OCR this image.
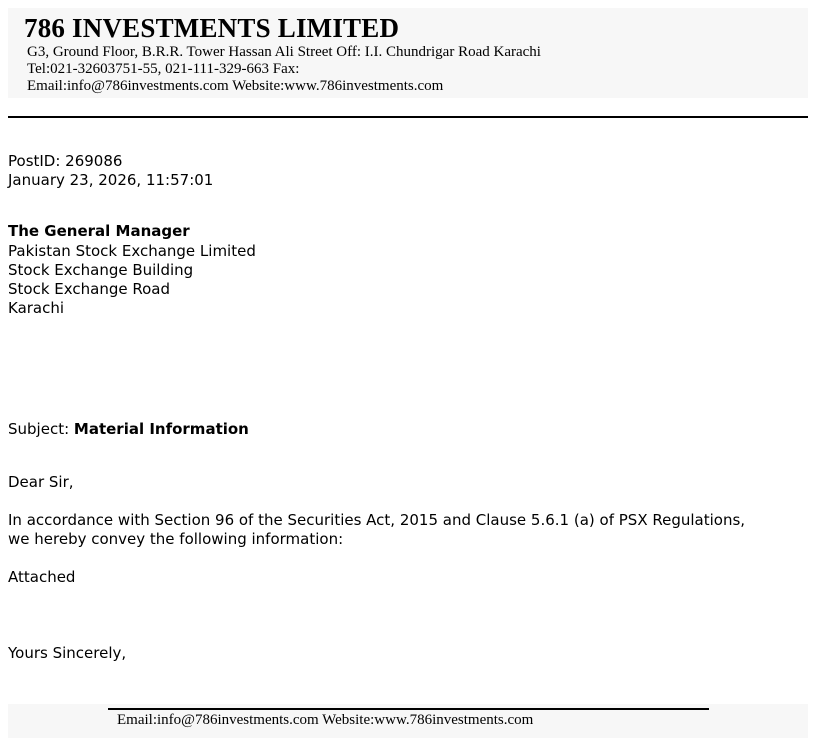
786 INVESTMENTS LIMITED

G3, Ground Floor, B.R.R. Tower Hassan Ali Street Off: I.I. Chundrigar Road Karachi

Tel:021-32603751-55, 021-111-329-663 Fax:

Email:info@786investments.com Website:www.786investments.com

PostID: 269086

January 23, 2026, 11:57:01

The General Manager

Pakistan Stock Exchange Limited

Stock Exchange Building

Stock Exchange Road

Karachi

Subject: Material Information

Dear Sir,

In accordance with Section 96 of the Securities Act, 2015 and Clause 5.6.1 (a) of PSX Regulations,

we hereby convey the following information:

Attached

Yours Sincerely,

Email:info@786investments.com Website:www.786investments.com
